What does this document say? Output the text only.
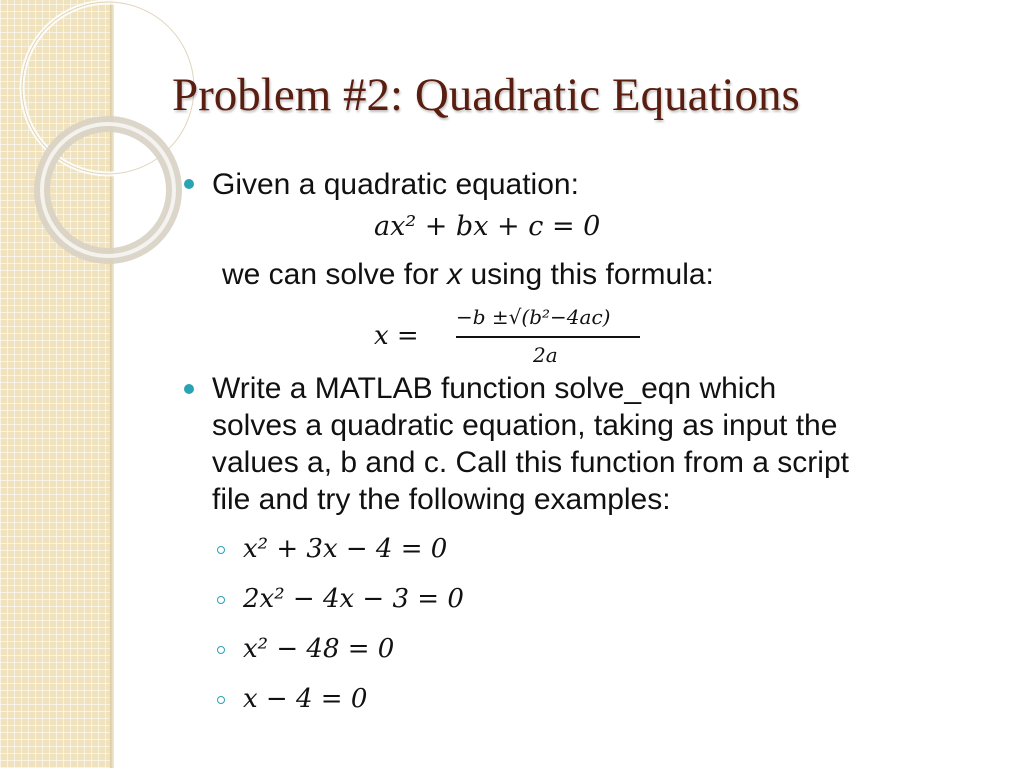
Problem #2: Quadratic Equations
Given a quadratic equation:
ax² + bx + c = 0
we can solve for x using this formula:
x =
−b ±√(b²−4ac)
2a
Write a MATLAB function solve_eqn which
solves a quadratic equation, taking as input the
values a, b and c. Call this function from a script
file and try the following examples:
x² + 3x − 4 = 0
2x² − 4x − 3 = 0
x² − 48 = 0
x − 4 = 0
